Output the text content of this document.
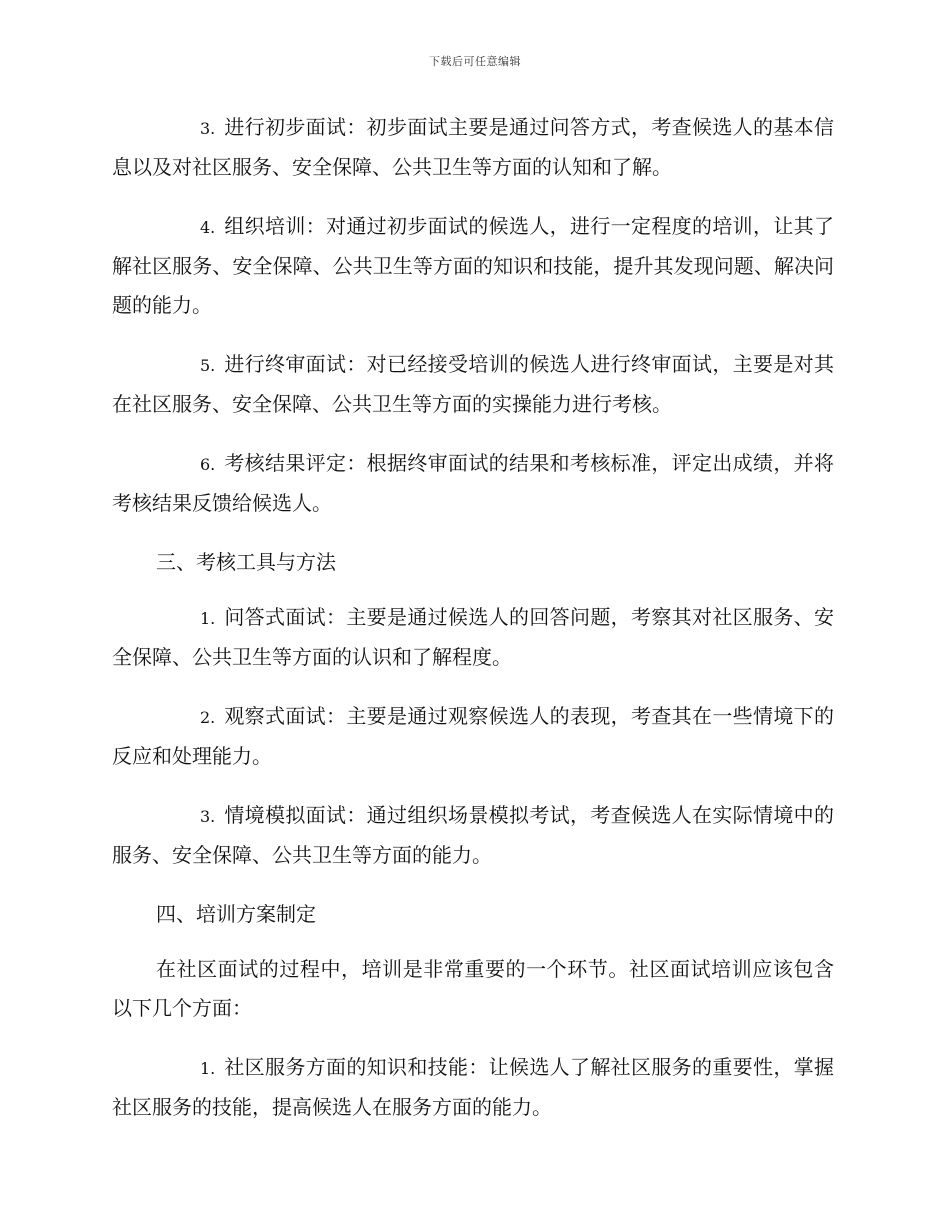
下载后可任意编辑

3. 进行初步面试：初步面试主要是通过问答方式，考查候选人的基本信息以及对社区服务、安全保障、公共卫生等方面的认知和了解。

4. 组织培训：对通过初步面试的候选人，进行一定程度的培训，让其了解社区服务、安全保障、公共卫生等方面的知识和技能，提升其发现问题、解决问题的能力。

5. 进行终审面试：对已经接受培训的候选人进行终审面试，主要是对其在社区服务、安全保障、公共卫生等方面的实操能力进行考核。

6. 考核结果评定：根据终审面试的结果和考核标准，评定出成绩，并将考核结果反馈给候选人。

三、考核工具与方法

1. 问答式面试：主要是通过候选人的回答问题，考察其对社区服务、安全保障、公共卫生等方面的认识和了解程度。

2. 观察式面试：主要是通过观察候选人的表现，考查其在一些情境下的反应和处理能力。

3. 情境模拟面试：通过组织场景模拟考试，考查候选人在实际情境中的服务、安全保障、公共卫生等方面的能力。

四、培训方案制定

在社区面试的过程中，培训是非常重要的一个环节。社区面试培训应该包含以下几个方面：

1. 社区服务方面的知识和技能：让候选人了解社区服务的重要性，掌握社区服务的技能，提高候选人在服务方面的能力。
